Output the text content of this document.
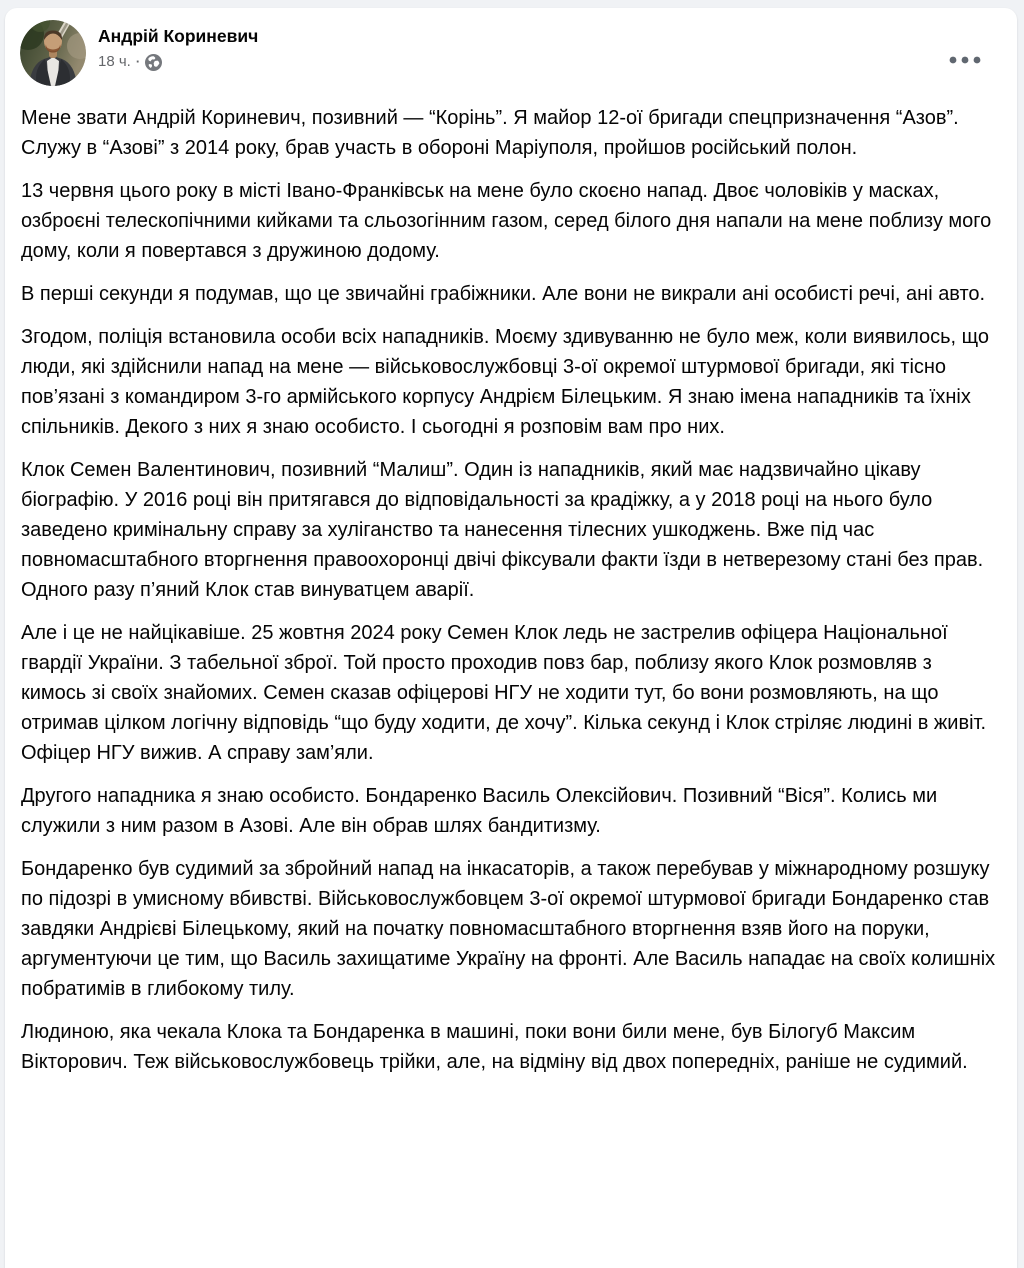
Андрій Кориневич
18 ч. ·

Мене звати Андрій Кориневич, позивний — “Корінь”. Я майор 12-ої бригади спецпризначення “Азов”. Служу в “Азові” з 2014 року, брав участь в обороні Маріуполя, пройшов російський полон.

13 червня цього року в місті Івано-Франківськ на мене було скоєно напад. Двоє чоловіків у масках, озброєні телескопічними кийками та сльозогінним газом, серед білого дня напали на мене поблизу мого дому, коли я повертався з дружиною додому.

В перші секунди я подумав, що це звичайні грабіжники. Але вони не викрали ані особисті речі, ані авто.

Згодом, поліція встановила особи всіх нападників. Моєму здивуванню не було меж, коли виявилось, що люди, які здійснили напад на мене — військовослужбовці 3-ої окремої штурмової бригади, які тісно пов’язані з командиром 3-го армійського корпусу Андрієм Білецьким. Я знаю імена нападників та їхніх спільників. Декого з них я знаю особисто. І сьогодні я розповім вам про них.

Клок Семен Валентинович, позивний “Малиш”. Один із нападників, який має надзвичайно цікаву біографію. У 2016 році він притягався до відповідальності за крадіжку, а у 2018 році на нього було заведено кримінальну справу за хуліганство та нанесення тілесних ушкоджень. Вже під час повномасштабного вторгнення правоохоронці двічі фіксували факти їзди в нетверезому стані без прав. Одного разу п’яний Клок став винуватцем аварії.

Але і це не найцікавіше. 25 жовтня 2024 року Семен Клок ледь не застрелив офіцера Національної гвардії України. З табельної зброї. Той просто проходив повз бар, поблизу якого Клок розмовляв з кимось зі своїх знайомих. Семен сказав офіцерові НГУ не ходити тут, бо вони розмовляють, на що отримав цілком логічну відповідь “що буду ходити, де хочу”. Кілька секунд і Клок стріляє людині в живіт. Офіцер НГУ вижив. А справу зам’яли.

Другого нападника я знаю особисто. Бондаренко Василь Олексійович. Позивний “Віся”. Колись ми служили з ним разом в Азові. Але він обрав шлях бандитизму.

Бондаренко був судимий за збройний напад на інкасаторів, а також перебував у міжнародному розшуку по підозрі в умисному вбивстві. Військовослужбовцем 3-ої окремої штурмової бригади Бондаренко став завдяки Андрієві Білецькому, який на початку повномасштабного вторгнення взяв його на поруки, аргументуючи це тим, що Василь захищатиме Україну на фронті. Але Василь нападає на своїх колишніх побратимів в глибокому тилу.

Людиною, яка чекала Клока та Бондаренка в машині, поки вони били мене, був Білогуб Максим Вікторович. Теж військовослужбовець трійки, але, на відміну від двох попередніх, раніше не судимий.
